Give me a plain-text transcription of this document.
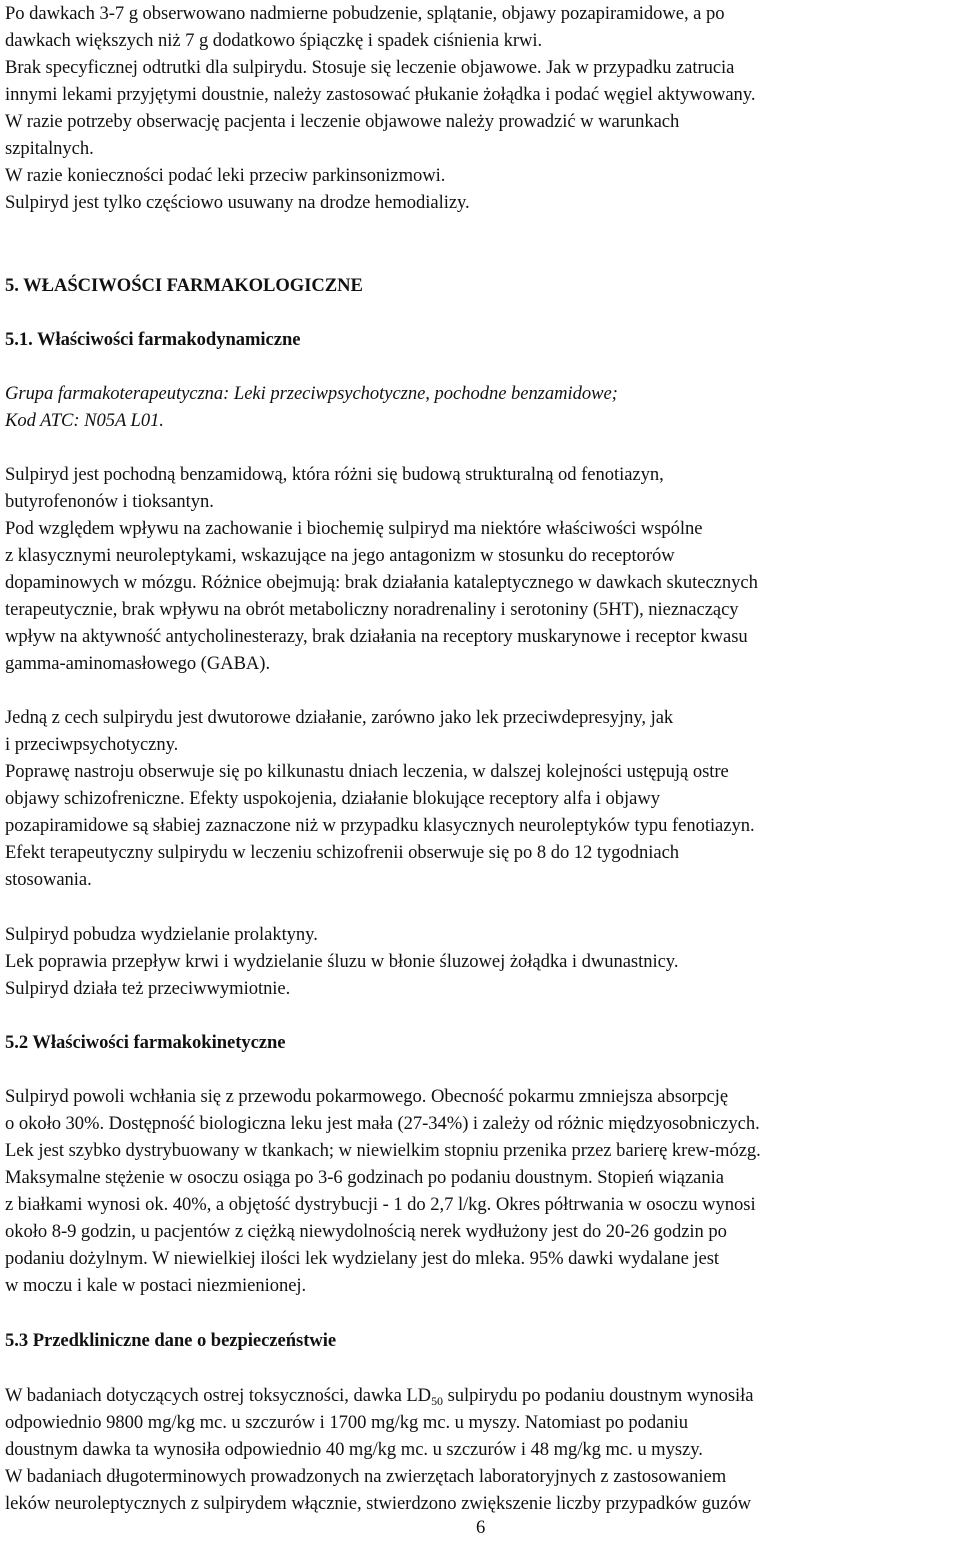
Po dawkach 3-7 g obserwowano nadmierne pobudzenie, splątanie, objawy pozapiramidowe, a po
dawkach większych niż 7 g dodatkowo śpiączkę i spadek ciśnienia krwi.
Brak specyficznej odtrutki dla sulpirydu. Stosuje się leczenie objawowe. Jak w przypadku zatrucia
innymi lekami przyjętymi doustnie, należy zastosować płukanie żołądka i podać węgiel aktywowany.
W razie potrzeby obserwację pacjenta i leczenie objawowe należy prowadzić w warunkach
szpitalnych.
W razie konieczności podać leki przeciw parkinsonizmowi.
Sulpiryd jest tylko częściowo usuwany na drodze hemodializy.
5. WŁAŚCIWOŚCI FARMAKOLOGICZNE
5.1. Właściwości farmakodynamiczne
Grupa farmakoterapeutyczna: Leki przeciwpsychotyczne, pochodne benzamidowe;
Kod ATC: N05A L01.
Sulpiryd jest pochodną benzamidową, która różni się budową strukturalną od fenotiazyn,
butyrofenonów i tioksantyn.
Pod względem wpływu na zachowanie i biochemię sulpiryd ma niektóre właściwości wspólne
z klasycznymi neuroleptykami, wskazujące na jego antagonizm w stosunku do receptorów
dopaminowych w mózgu. Różnice obejmują: brak działania kataleptycznego w dawkach skutecznych
terapeutycznie, brak wpływu na obrót metaboliczny noradrenaliny i serotoniny (5HT), nieznaczący
wpływ na aktywność antycholinesterazy, brak działania na receptory muskarynowe i receptor kwasu
gamma-aminomasłowego (GABA).
Jedną z cech sulpirydu jest dwutorowe działanie, zarówno jako lek przeciwdepresyjny, jak
i przeciwpsychotyczny.
Poprawę nastroju obserwuje się po kilkunastu dniach leczenia, w dalszej kolejności ustępują ostre
objawy schizofreniczne. Efekty uspokojenia, działanie blokujące receptory alfa i objawy
pozapiramidowe są słabiej zaznaczone niż w przypadku klasycznych neuroleptyków typu fenotiazyn.
Efekt terapeutyczny sulpirydu w leczeniu schizofrenii obserwuje się po 8 do 12 tygodniach
stosowania.
Sulpiryd pobudza wydzielanie prolaktyny.
Lek poprawia przepływ krwi i wydzielanie śluzu w błonie śluzowej żołądka i dwunastnicy.
Sulpiryd działa też przeciwwymiotnie.
5.2 Właściwości farmakokinetyczne
Sulpiryd powoli wchłania się z przewodu pokarmowego. Obecność pokarmu zmniejsza absorpcję
o około 30%. Dostępność biologiczna leku jest mała (27-34%) i zależy od różnic międzyosobniczych.
Lek jest szybko dystrybuowany w tkankach; w niewielkim stopniu przenika przez barierę krew-mózg.
Maksymalne stężenie w osoczu osiąga po 3-6 godzinach po podaniu doustnym. Stopień wiązania
z białkami wynosi ok. 40%, a objętość dystrybucji - 1 do 2,7 l/kg. Okres półtrwania w osoczu wynosi
około 8-9 godzin, u pacjentów z ciężką niewydolnością nerek wydłużony jest do 20-26 godzin po
podaniu dożylnym. W niewielkiej ilości lek wydzielany jest do mleka. 95% dawki wydalane jest
w moczu i kale w postaci niezmienionej.
5.3 Przedkliniczne dane o bezpieczeństwie
W badaniach dotyczących ostrej toksyczności, dawka $LD_{50}$ sulpirydu po podaniu doustnym wynosiła
odpowiednio 9800 mg/kg mc. u szczurów i 1700 mg/kg mc. u myszy. Natomiast po podaniu
doustnym dawka ta wynosiła odpowiednio 40 mg/kg mc. u szczurów i 48 mg/kg mc. u myszy.
W badaniach długoterminowych prowadzonych na zwierzętach laboratoryjnych z zastosowaniem
leków neuroleptycznych z sulpirydem włącznie, stwierdzono zwiększenie liczby przypadków guzów
6
